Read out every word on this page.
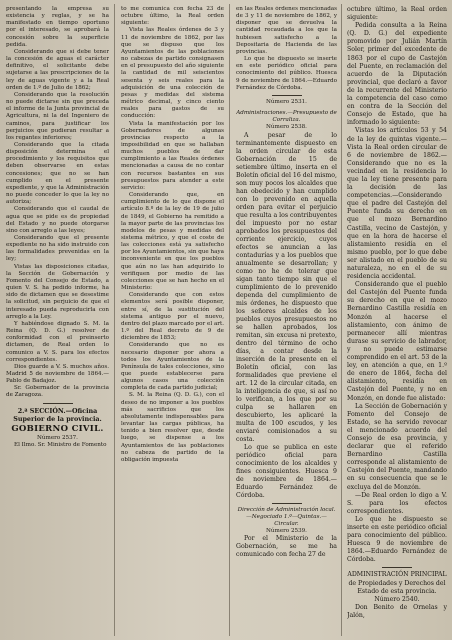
presentando la empresa su existencia y reglas, y se ha manifestado en tiempo oportuno por el interesado, se aprobará la concesión sobre la superficie pedida.

Considerando que si debe tener la concesión de aguas el carácter definitivo, el solicitante debe sujetarse a las prescripciones de la ley de aguas vigente y a la Real orden de 1.º de Julio de 1862;

Considerando que la resolución no puede dictarse sin que preceda el informe de la Junta provincial de Agricultura, ni la del Ingeniero de caminos, para justificar los perjuicios que pudieran resultar a los regantes inferiores;

Considerando que la citada disposición determina el procedimiento y los requisitos que deben observarse en estas concesiones; que no se han cumplido en el presente expediente, y que la Administración no puede conceder lo que la ley no autoriza;

Considerando que el caudal de agua que se pide es de propiedad del Estado y no puede otorgarse sino con arreglo a las leyes;

Considerando que el presente expediente no ha sido instruido con las formalidades prevenidas en la ley;

Vistas las disposiciones citadas, la Sección de Gobernación y Fomento del Consejo de Estado, a quien V. S. ha pedido informe, ha sido de dictamen que se desestime la solicitud, sin perjuicio de que el interesado pueda reproducirla con arreglo a la Ley.

Y habiéndose dignado S. M. la Reina (Q. D. G.) resolver de conformidad con el preinserto dictamen, de Real orden lo comunico a V. S. para los efectos correspondientes.

Dios guarde a V. S. muchos años. Madrid 5 de noviembre de 1864.—Pablo de Badajoz.

Sr. Gobernador de la provincia de Zaragoza.

2.ª SECCIÓN.—Oficina Superior de la provincia.

GOBIERNO CIVIL.

Número 2537.

El Ilmo. Sr. Ministro de Fomento

to me comunica con fecha 23 de octubre último, la Real orden siguiente:

Vista las Reales órdenes de 3 y 11 de noviembre de 1862, por las que se dispuso que los Ayuntamientos de las poblaciones no cabezas de partido consignasen en el presupuesto del año siguiente la cantidad de mil seiscientos sesenta y seis reales para la adquisición de una colección de pesas y medidas del sistema métrico decimal, y cinco ciento reales para gastos de su conducción:

Vista la manifestación por los Gobernadores de algunas provincias respecto a la imposibilidad en que se hallaban muchos pueblos de dar cumplimiento a las Reales órdenes mencionadas a causa de no contar con recursos bastantes en sus presupuestos para atender a este servicio:

Considerando que, en cumplimiento de lo que dispone el artículo 8.º de la ley de 19 de julio de 1849, el Gobierno ha remitido a la mayor parte de las provincias los modelos de pesas y medidas del sistema métrico, y que el coste de las colecciones está ya satisfecho por los Ayuntamientos, sin que haya inconveniente en que los pueblos que aún no las han adquirido lo verifiquen por medio de las colecciones que se han hecho en el Ministerio:

Considerando que con estos elementos será posible disponer, entre sí, de la sustitución del sistema antiguo por el nuevo, dentro del plazo marcado por el art. 1.º del Real decreto de 9 de diciembre de 1853;

Considerando que no es necesario disponer por ahora a todos los Ayuntamientos de la Península de tales colecciones, sino que puede establecerse para algunos casos una colección completa de cada partido judicial;

S. M. la Reina (Q. D. G.), con el deseo de no imponer a los pueblos más sacrificios que los absolutamente indispensables para levantar las cargas públicas, ha tenido a bien resolver que, desde luego, se dispense a los Ayuntamientos de las poblaciones no cabeza de partido de la obligación impuesta

en las Reales órdenes mencionadas de 3 y 11 de noviembre de 1862, y disponer que se devuelva la cantidad recaudada a los que la hubiesen satisfecho a la Depositaria de Hacienda de las provincias.

Lo que he dispuesto se inserte en este periódico oficial para conocimiento del público. Huesca 9 de noviembre de 1864.—Eduardo Fernández de Córdoba.

Número 2531.

Administraciones.—Presupuesto de Corraliza.

Número 2538.

A pesar de lo terminantemente dispuesto en la orden circular de esta Gobernación de 15 de setiembre último, inserta en el Boletín oficial del 16 del mismo, son muy pocos los alcaldes que han obedecido y han cumplido con lo prevenido en aquella orden para evitar el perjuicio que resulta a los contribuyentes del impuesto por no estar aprobados los presupuestos del corriente ejercicio, cuyos efectos se anuncian a las contadurías y a los pueblos que anualmente se desarrollan; y como no he de tolerar que sigan tanto tiempo sin que el cumplimiento de lo prevenido dependa del cumplimiento de mis órdenes, he dispuesto que los señores alcaldes de los pueblos cuyos presupuestos no se hallen aprobados, los remitan, sin excusa ni pretexto, dentro del término de ocho días, a contar desde la inserción de la presente en el Boletín oficial, con las formalidades que previene el art. 12 de la circular citada, en la inteligencia de que, si así no lo verifican, a los que por su culpa se hallaren en descubierto, les aplicaré la multa de 100 escudos, y les enviaré comisionados a su costa.

Lo que se publica en este periódico oficial para conocimiento de los alcaldes y fines consiguientes. Huesca 9 de noviembre de 1864.—Eduardo Fernández de Córdoba.

Dirección de Administración local.—Negociado 1.º—Quintas.—Circular.

Número 2539.

Por el Ministerio de la Gobernación, se me ha comunicado con fecha 27 de

octubre último, la Real orden siguiente:

Pedida consulta a la Reina (Q. D. G.) del expediente promovido por Julián Martín Soler, primer del excedente de 1863 por el cupo de Castejón del Puente, en reclamación del acuerdo de la Diputación provincial, que declaró a favor de la recurrente del Ministerio la competencia del caso como en contra de la Sección del Consejo de Estado, que ha informado lo siguiente:

Vistas los artículos 53 y 54 de la ley de quintas vigente.—Vista la Real orden circular de 6 de noviembre de 1862.—Considerando que no es la vecindad en la residencia lo que la ley tiene presente para la decisión de las competencias.—Considerando que el padre del Castejón del Puente funda su derecho en que el mozo Bernardino Castilla, vecino de Castejón, y que en la hora de hacerse el alistamiento residía en el mismo pueblo, por lo que debe ser alistado en el pueblo de su naturaleza, no en el de su residencia accidental.

Considerando que el pueblo del Castejón del Puente funda su derecho en que el mozo Bernardino Castilla residía en Monzón al hacerse el alistamiento, con ánimo de permanecer allí mientras durase su servicio de labrador, y no puede estimarse comprendido en el art. 53 de la ley, en atención a que, en 1.º de enero de 1864, fecha del alistamiento, residía en Castejón del Puente, y no en Monzón, en donde fue alistado:

La Sección de Gobernación y Fomento del Consejo de Estado, se ha servido revocar el mencionado acuerdo del Consejo de esa provincia, y declarar que el referido Bernardino Castilla corresponde al alistamiento de Castejón del Puente, mandando en su consecuencia que se le excluya del de Monzón.

—De Real orden lo digo a V. S. para los efectos correspondientes.

Lo que he dispuesto se inserte en este periódico oficial para conocimiento del público. Huesca 9 de noviembre de 1864.—Eduardo Fernández de Córdoba.

ADMINISTRACIÓN PRINCIPAL

de Propiedades y Derechos del

Estado de esta provincia.

Número 2540.

Don Benito de Ornelas y Jalón,
